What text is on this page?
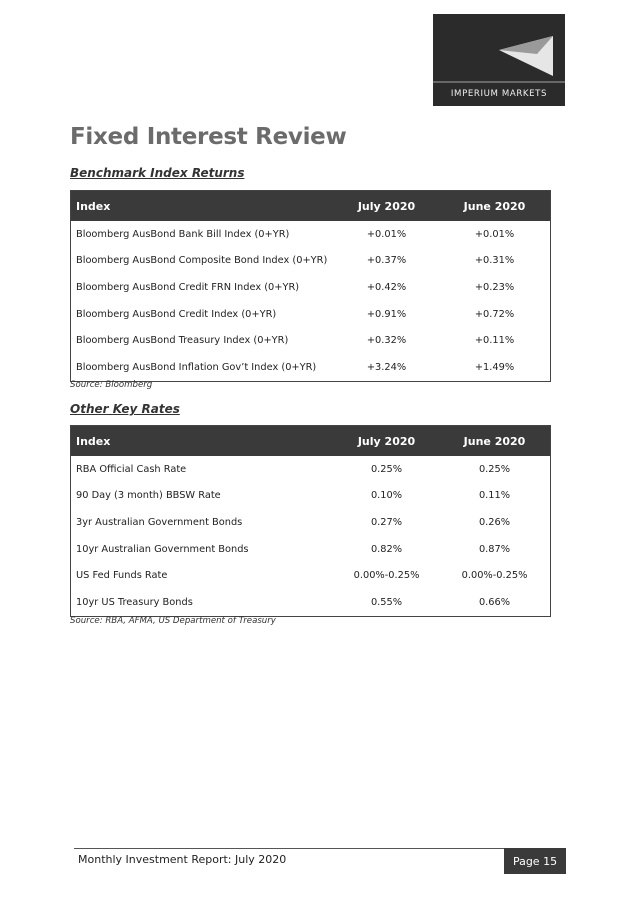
IMPERIUM MARKETS
Fixed Interest Review
Benchmark Index Returns
Index	July 2020	June 2020
Bloomberg AusBond Bank Bill Index (0+YR)	+0.01%	+0.01%
Bloomberg AusBond Composite Bond Index (0+YR)	+0.37%	+0.31%
Bloomberg AusBond Credit FRN Index (0+YR)	+0.42%	+0.23%
Bloomberg AusBond Credit Index (0+YR)	+0.91%	+0.72%
Bloomberg AusBond Treasury Index (0+YR)	+0.32%	+0.11%
Bloomberg AusBond Inflation Gov’t Index (0+YR)	+3.24%	+1.49%

Source: Bloomberg

Other Key Rates
Index	July 2020	June 2020
RBA Official Cash Rate	0.25%	0.25%
90 Day (3 month) BBSW Rate	0.10%	0.11%
3yr Australian Government Bonds	0.27%	0.26%
10yr Australian Government Bonds	0.82%	0.87%
US Fed Funds Rate	0.00%-0.25%	0.00%-0.25%
10yr US Treasury Bonds	0.55%	0.66%

Source: RBA, AFMA, US Department of Treasury

Monthly Investment Report: July 2020	Page 15
